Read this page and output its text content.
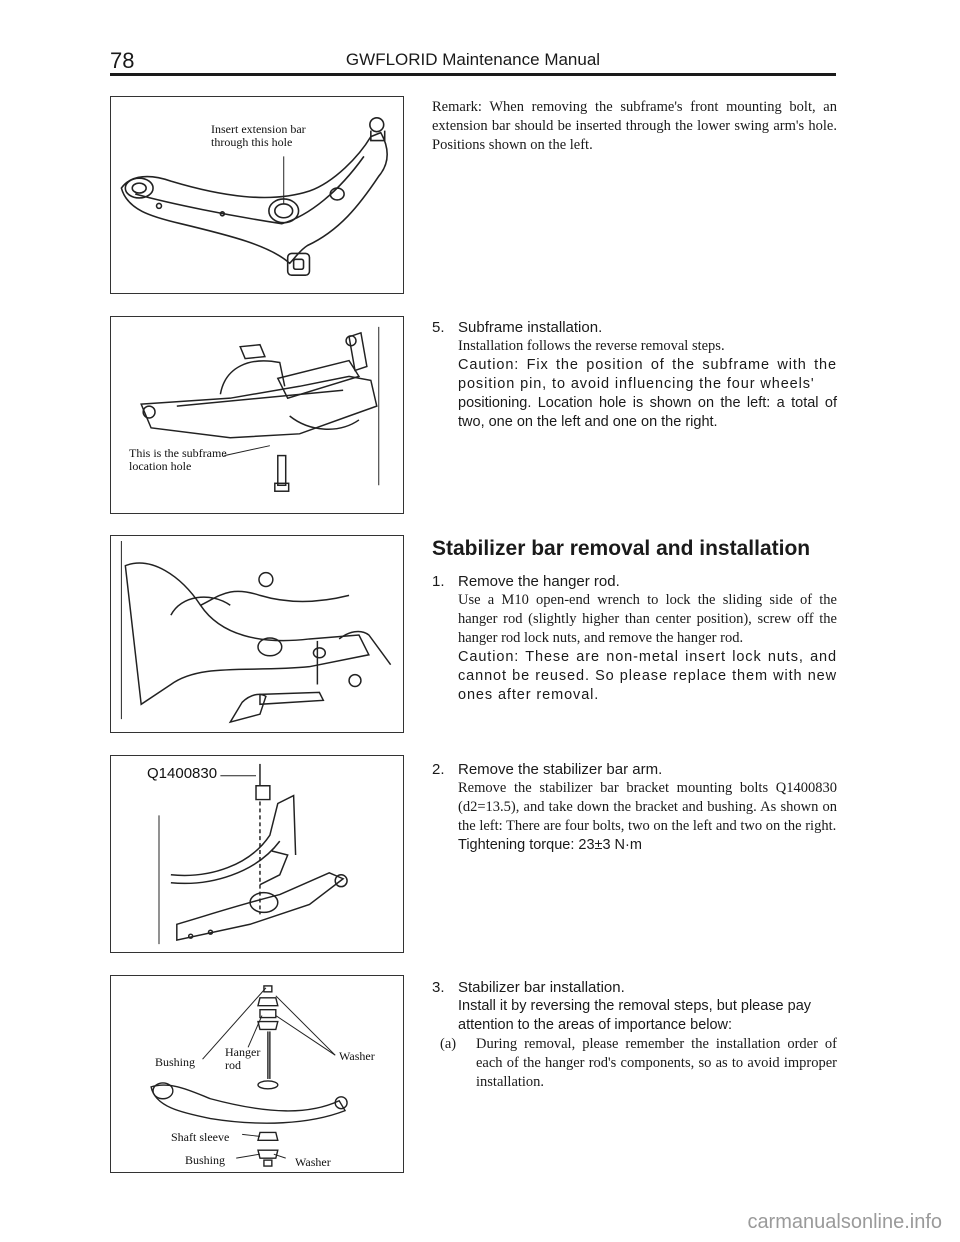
78	GWFLORID Maintenance Manual
Insert extension bar
through this hole
This is the subframe
location hole
Q1400830
Bushing
Hanger
rod
Washer
Shaft sleeve
Bushing	Washer

Remark: When removing the subframe's front mounting bolt, an extension bar should be inserted through the lower swing arm's hole. Positions shown on the left.

5. Subframe installation.

Installation follows the reverse removal steps.

Caution: Fix the position of the subframe with the position pin, to avoid influencing the four wheels'

positioning. Location hole is shown on the left: a total of two, one on the left and one on the right.

Stabilizer bar removal and installation
1. Remove the hanger rod.

Use a M10 open-end wrench to lock the sliding side of the hanger rod (slightly higher than center position), screw off the hanger rod lock nuts, and remove the hanger rod.

Caution: These are non-metal insert lock nuts, and cannot be reused. So please replace them with new ones after removal.

2. Remove the stabilizer bar arm.

Remove the stabilizer bar bracket mounting bolts Q1400830 (d2=13.5), and take down the bracket and bushing. As shown on the left: There are four bolts, two on the left and two on the right.

Tightening torque: 23±3 N·m

3. Stabilizer bar installation.

Install it by reversing the removal steps, but please pay attention to the areas of importance below:

(a)	During removal, please remember the installation order of each of the hanger rod's components, so as to avoid improper installation.
carmanualsonline.info
